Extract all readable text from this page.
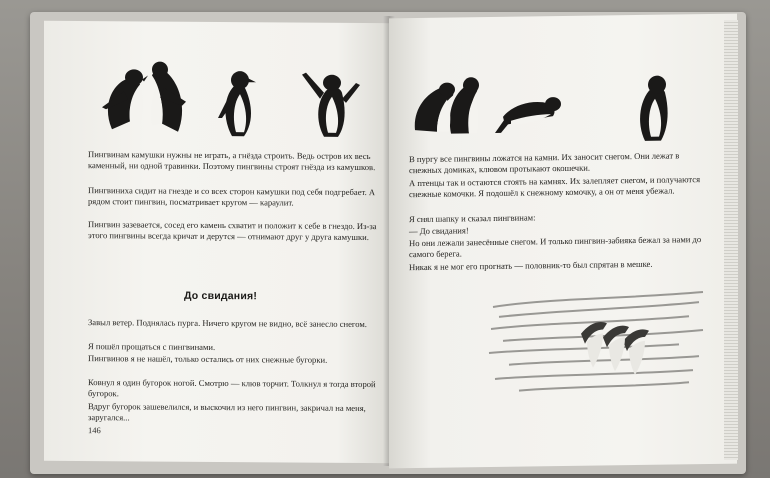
Пингвинам камушки нужны не играть, а гнёзда строить. Ведь остров их весь каменный, ни одной травинки. Поэтому пингвины строят гнёзда из камушков.

Пингвиниха сидит на гнезде и со всех сторон камушки под себя подгребает. А рядом стоит пингвин, посматривает кругом — караулит.

Пингвин зазевается, сосед его камень схватит и положит к себе в гнездо. Из-за этого пингвины всегда кричат и дерутся — отнимают друг у друга камушки.

До свидания!

Завыл ветер. Поднялась пурга. Ничего кругом не видно, всё занесло снегом.

Я пошёл прощаться с пингвинами.

Пингвинов я не нашёл, только остались от них снежные бугорки.

Ковнул я один бугорок ногой. Смотрю — клюв торчит. Толкнул я тогда второй бугорок.

Вдруг бугорок зашевелился, и выскочил из него пингвин, закричал на меня, заругался...

146

В пургу все пингвины ложатся на камни. Их заносит снегом. Они лежат в снежных домиках, клювом протыкают окошечки.

А птенцы так и остаются стоять на камнях. Их залепляет снегом, и получаются снежные комочки. Я подошёл к снежному комочку, а он от меня убежал.

Я снял шапку и сказал пингвинам:

— До свидания!

Но они лежали занесённые снегом. И только пингвин-забияка бежал за нами до самого берега.

Никак я не мог его прогнать — половник-то был спрятан в мешке.
